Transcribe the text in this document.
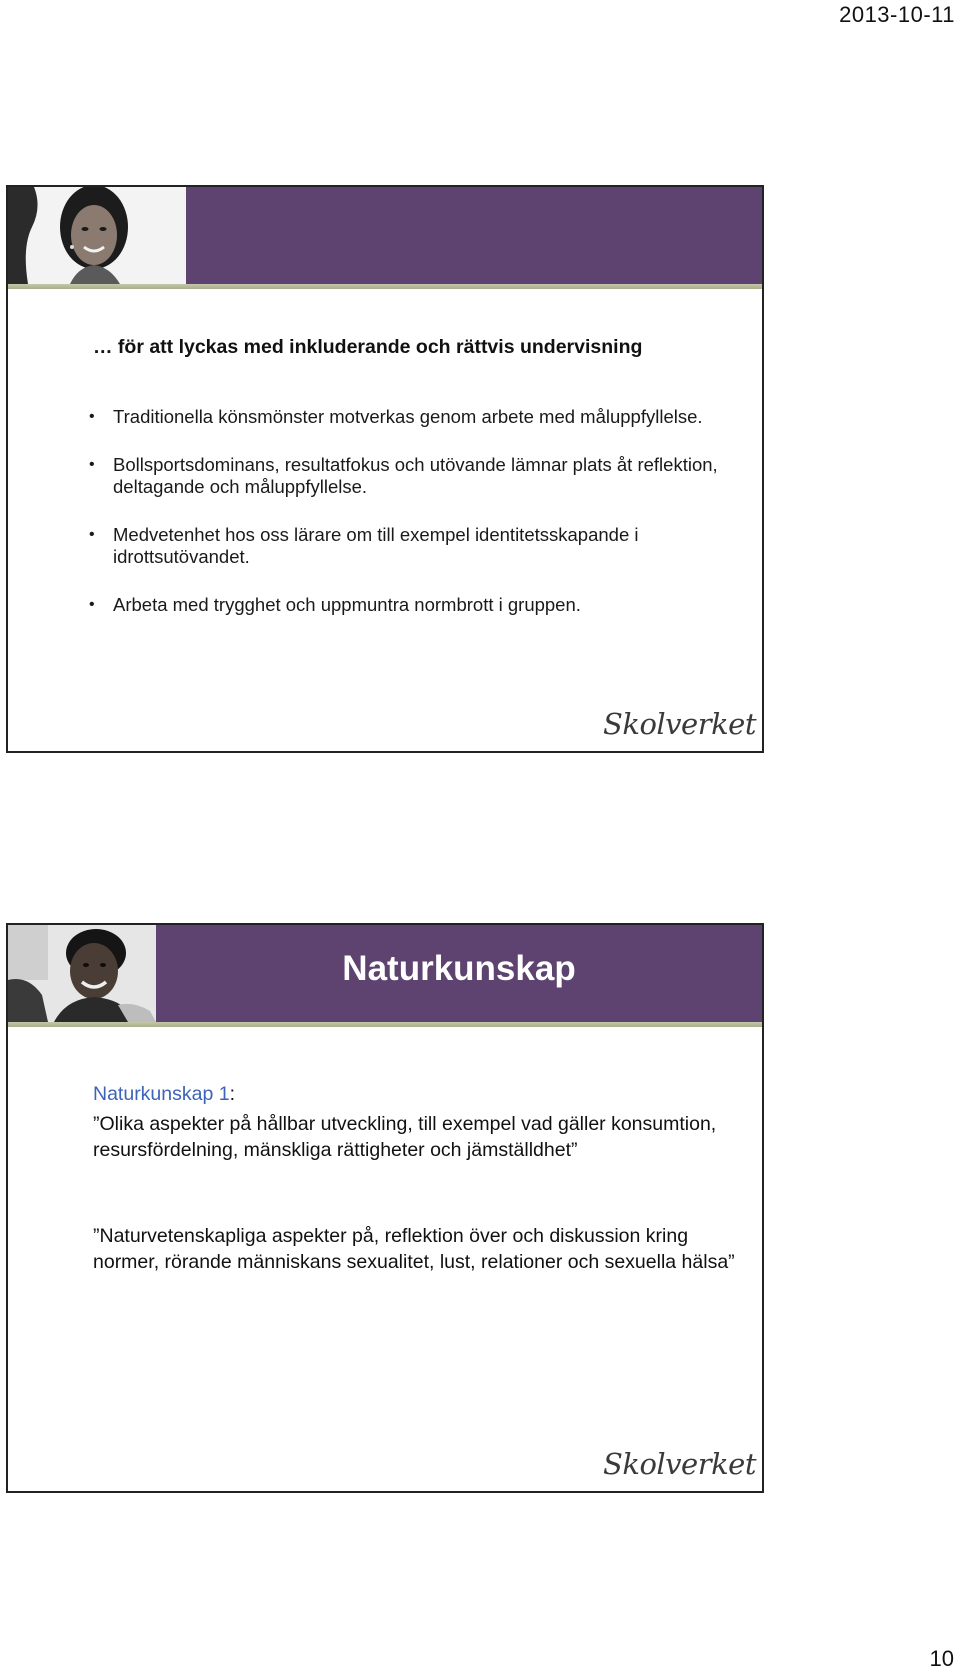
2013-10-11
… för att lyckas med inkluderande och rättvis undervisning
• Traditionella könsmönster motverkas genom arbete med måluppfyllelse.
• Bollsportsdominans, resultatfokus och utövande lämnar plats åt reflektion, deltagande och måluppfyllelse.
• Medvetenhet hos oss lärare om till exempel identitetsskapande i idrottsutövandet.
• Arbeta med trygghet och uppmuntra normbrott i gruppen.
Skolverket
Naturkunskap

Naturkunskap 1:

”Olika aspekter på hållbar utveckling, till exempel vad gäller konsumtion, resursfördelning, mänskliga rättigheter och jämställdhet”

”Naturvetenskapliga aspekter på, reflektion över och diskussion kring normer, rörande människans sexualitet, lust, relationer och sexuella hälsa”

Skolverket
10
